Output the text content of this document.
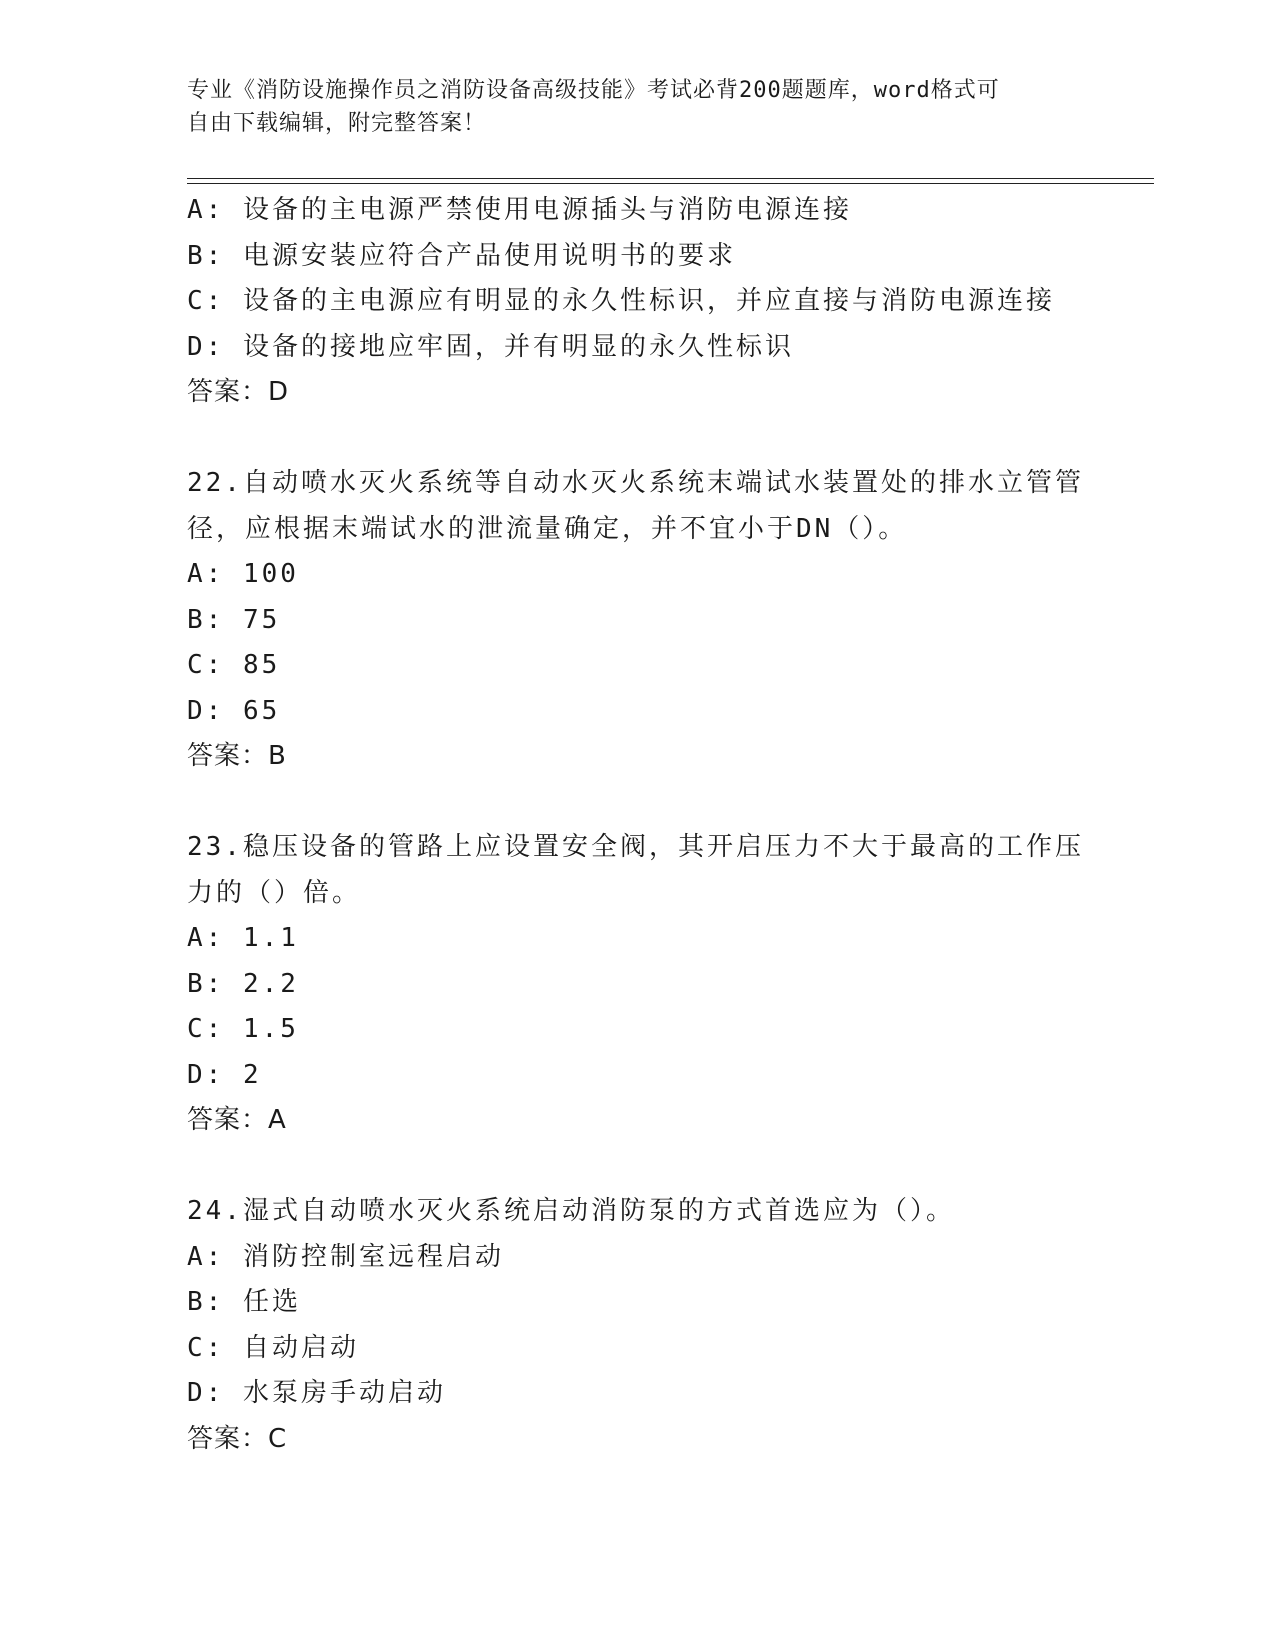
专业《消防设施操作员之消防设备高级技能》考试必背200题题库，word格式可
自由下载编辑，附完整答案！
A: 设备的主电源严禁使用电源插头与消防电源连接
B: 电源安装应符合产品使用说明书的要求
C: 设备的主电源应有明显的永久性标识，并应直接与消防电源连接
D: 设备的接地应牢固，并有明显的永久性标识
答案：D
22.自动喷水灭火系统等自动水灭火系统末端试水装置处的排水立管管
径，应根据末端试水的泄流量确定，并不宜小于DN（）。
A: 100
B: 75
C: 85
D: 65
答案：B
23.稳压设备的管路上应设置安全阀，其开启压力不大于最高的工作压
力的（）倍。
A: 1.1
B: 2.2
C: 1.5
D: 2
答案：A
24.湿式自动喷水灭火系统启动消防泵的方式首选应为（）。
A: 消防控制室远程启动
B: 任选
C: 自动启动
D: 水泵房手动启动
答案：C
